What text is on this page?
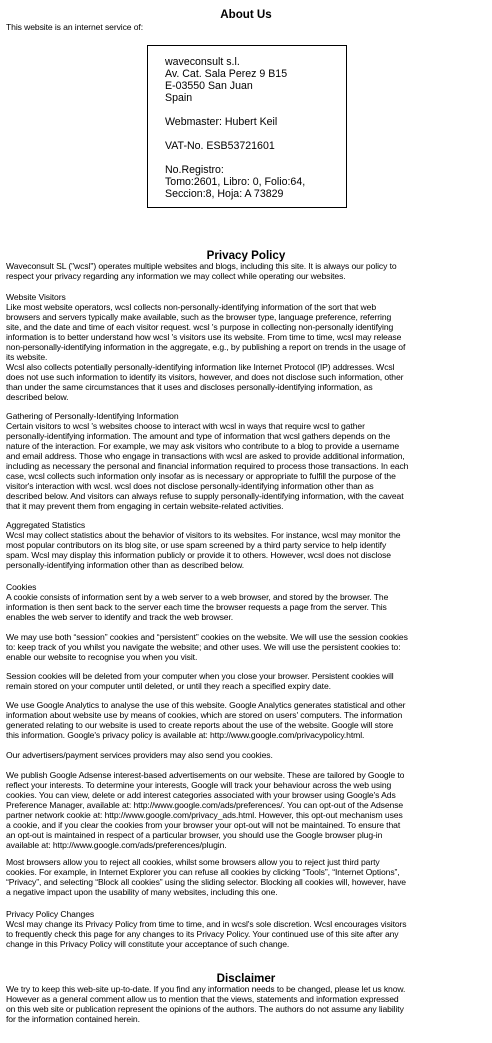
About Us

This website is an internet service of:

waveconsult s.l.
Av. Cat. Sala Perez 9 B15
E-03550 San Juan
Spain
Webmaster: Hubert Keil
VAT-No. ESB53721601
No.Registro:
Tomo:2601, Libro: 0, Folio:64,
Seccion:8, Hoja: A 73829
Privacy Policy

Waveconsult SL ("wcsl") operates multiple websites and blogs, including this site. It is always our policy to
respect your privacy regarding any information we may collect while operating our websites.

Website Visitors

Like most website operators, wcsl collects non-personally-identifying information of the sort that web
browsers and servers typically make available, such as the browser type, language preference, referring
site, and the date and time of each visitor request. wcsl 's purpose in collecting non-personally identifying
information is to better understand how wcsl 's visitors use its website. From time to time, wcsl may release
non-personally-identifying information in the aggregate, e.g., by publishing a report on trends in the usage of
its website.

Wcsl also collects potentially personally-identifying information like Internet Protocol (IP) addresses. Wcsl
does not use such information to identify its visitors, however, and does not disclose such information, other
than under the same circumstances that it uses and discloses personally-identifying information, as
described below.

Gathering of Personally-Identifying Information

Certain visitors to wcsl 's websites choose to interact with wcsl in ways that require wcsl to gather
personally-identifying information. The amount and type of information that wcsl gathers depends on the
nature of the interaction. For example, we may ask visitors who contribute to a blog to provide a username
and email address. Those who engage in transactions with wcsl are asked to provide additional information,
including as necessary the personal and financial information required to process those transactions. In each
case, wcsl collects such information only insofar as is necessary or appropriate to fulfill the purpose of the
visitor's interaction with wcsl. wcsl does not disclose personally-identifying information other than as
described below. And visitors can always refuse to supply personally-identifying information, with the caveat
that it may prevent them from engaging in certain website-related activities.

Aggregated Statistics

Wcsl may collect statistics about the behavior of visitors to its websites. For instance, wcsl may monitor the
most popular contributors on its blog site, or use spam screened by a third party service to help identify
spam. Wcsl may display this information publicly or provide it to others. However, wcsl does not disclose
personally-identifying information other than as described below.

Cookies

A cookie consists of information sent by a web server to a web browser, and stored by the browser. The
information is then sent back to the server each time the browser requests a page from the server. This
enables the web server to identify and track the web browser.

We may use both “session” cookies and “persistent” cookies on the website. We will use the session cookies
to: keep track of you whilst you navigate the website; and other uses. We will use the persistent cookies to:
enable our website to recognise you when you visit.

Session cookies will be deleted from your computer when you close your browser. Persistent cookies will
remain stored on your computer until deleted, or until they reach a specified expiry date.

We use Google Analytics to analyse the use of this website. Google Analytics generates statistical and other
information about website use by means of cookies, which are stored on users' computers. The information
generated relating to our website is used to create reports about the use of the website. Google will store
this information. Google's privacy policy is available at: http://www.google.com/privacypolicy.html.

Our advertisers/payment services providers may also send you cookies.

We publish Google Adsense interest-based advertisements on our website. These are tailored by Google to
reflect your interests. To determine your interests, Google will track your behaviour across the web using
cookies. You can view, delete or add interest categories associated with your browser using Google's Ads
Preference Manager, available at: http://www.google.com/ads/preferences/. You can opt-out of the Adsense
partner network cookie at: http://www.google.com/privacy_ads.html. However, this opt-out mechanism uses
a cookie, and if you clear the cookies from your browser your opt-out will not be maintained. To ensure that
an opt-out is maintained in respect of a particular browser, you should use the Google browser plug-in
available at: http://www.google.com/ads/preferences/plugin.

Most browsers allow you to reject all cookies, whilst some browsers allow you to reject just third party
cookies. For example, in Internet Explorer you can refuse all cookies by clicking “Tools”, “Internet Options”,
“Privacy”, and selecting “Block all cookies” using the sliding selector. Blocking all cookies will, however, have
a negative impact upon the usability of many websites, including this one.

Privacy Policy Changes

Wcsl may change its Privacy Policy from time to time, and in wcsl's sole discretion. Wcsl encourages visitors
to frequently check this page for any changes to its Privacy Policy. Your continued use of this site after any
change in this Privacy Policy will constitute your acceptance of such change.

Disclaimer

We try to keep this web-site up-to-date. If you find any information needs to be changed, please let us know.
However as a general comment allow us to mention that the views, statements and information expressed
on this web site or publication represent the opinions of the authors. The authors do not assume any liability
for the information contained herein.
